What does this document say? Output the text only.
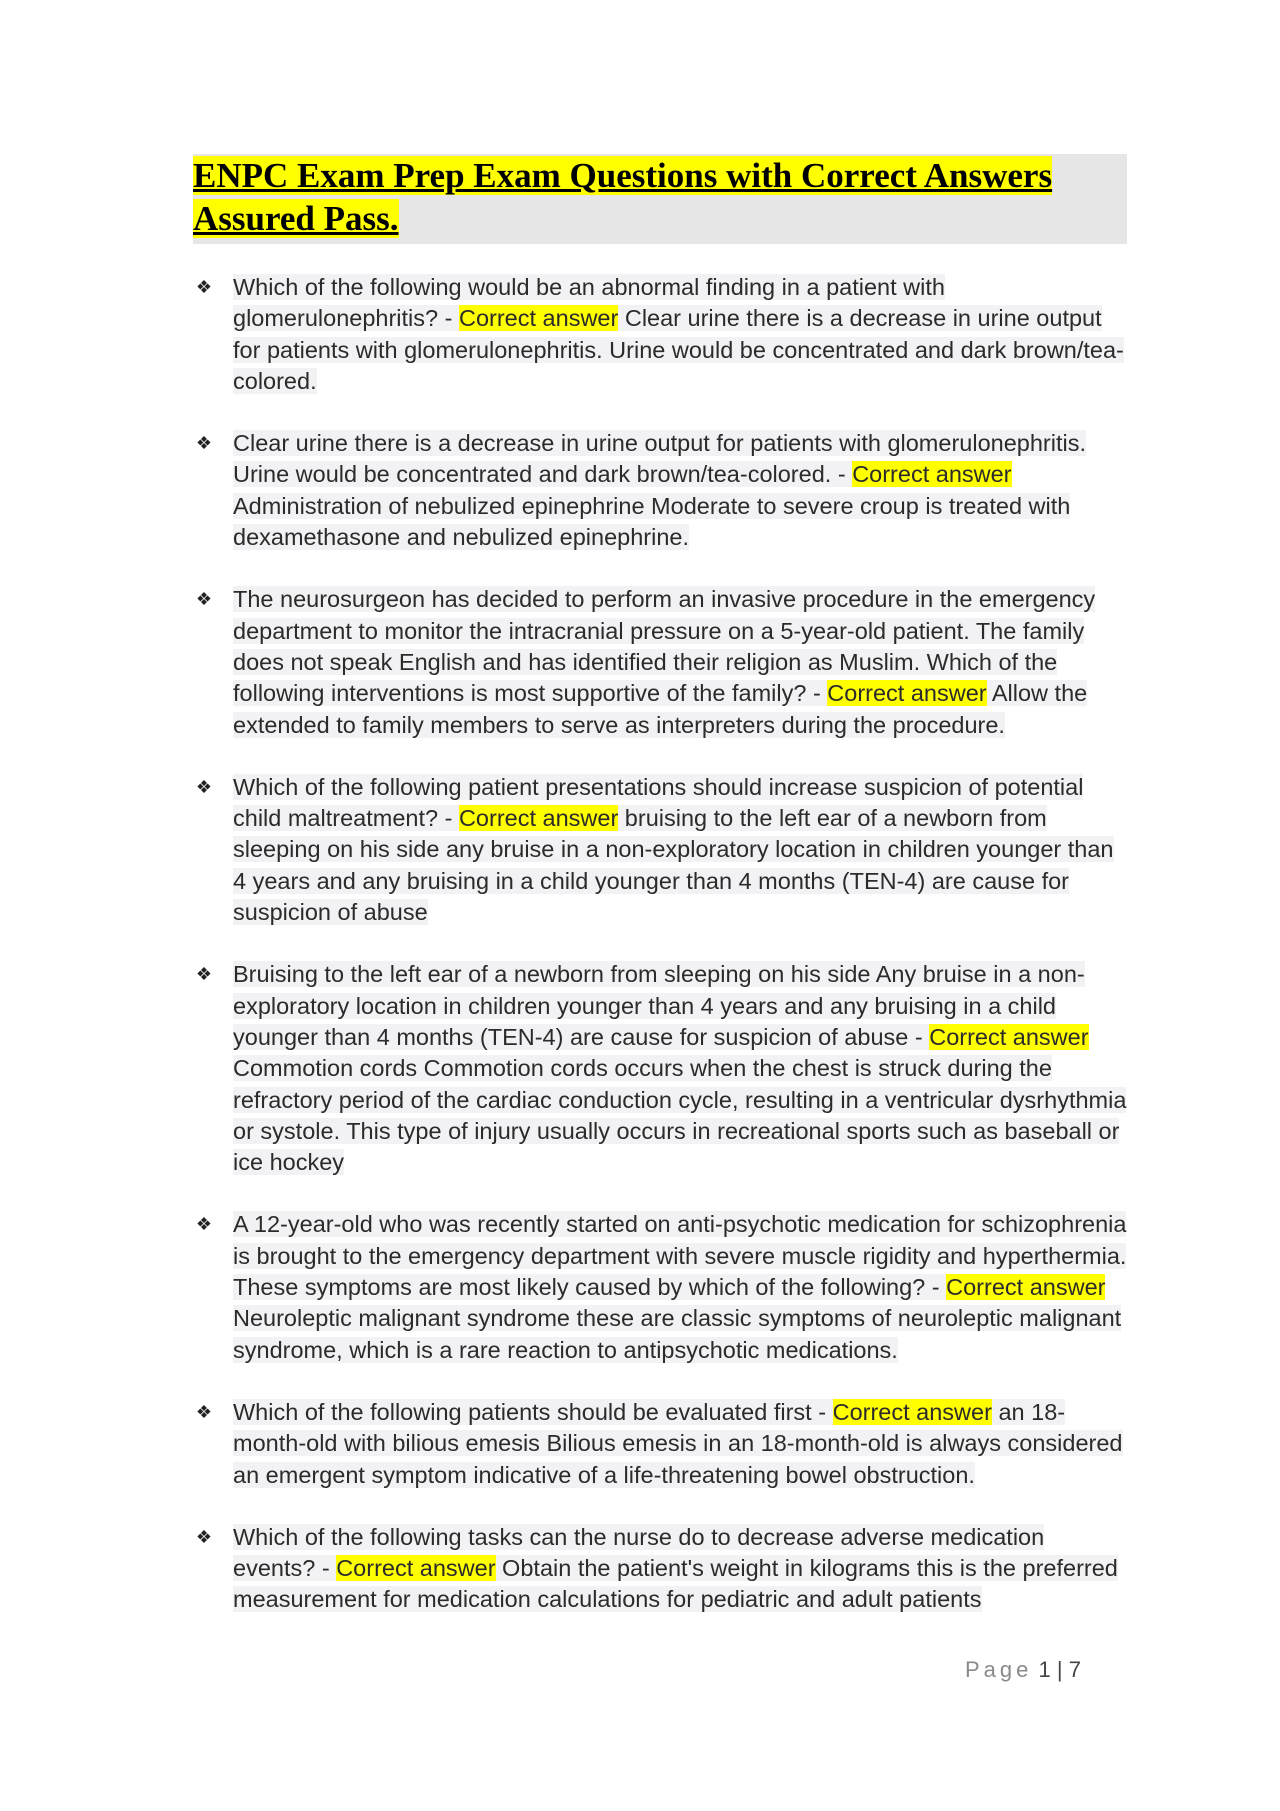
ENPC Exam Prep Exam Questions with Correct Answers Assured Pass.
❖ Which of the following would be an abnormal finding in a patient with glomerulonephritis? - Correct answer Clear urine there is a decrease in urine output for patients with glomerulonephritis. Urine would be concentrated and dark brown/tea-colored.
❖ Clear urine there is a decrease in urine output for patients with glomerulonephritis. Urine would be concentrated and dark brown/tea-colored. - Correct answer Administration of nebulized epinephrine Moderate to severe croup is treated with dexamethasone and nebulized epinephrine.
❖ The neurosurgeon has decided to perform an invasive procedure in the emergency department to monitor the intracranial pressure on a 5-year-old patient. The family does not speak English and has identified their religion as Muslim. Which of the following interventions is most supportive of the family? - Correct answer Allow the extended to family members to serve as interpreters during the procedure.
❖ Which of the following patient presentations should increase suspicion of potential child maltreatment? - Correct answer bruising to the left ear of a newborn from sleeping on his side any bruise in a non-exploratory location in children younger than 4 years and any bruising in a child younger than 4 months (TEN-4) are cause for suspicion of abuse
❖ Bruising to the left ear of a newborn from sleeping on his side Any bruise in a non-exploratory location in children younger than 4 years and any bruising in a child younger than 4 months (TEN-4) are cause for suspicion of abuse - Correct answer Commotion cords Commotion cords occurs when the chest is struck during the refractory period of the cardiac conduction cycle, resulting in a ventricular dysrhythmia or systole. This type of injury usually occurs in recreational sports such as baseball or ice hockey
❖ A 12-year-old who was recently started on anti-psychotic medication for schizophrenia is brought to the emergency department with severe muscle rigidity and hyperthermia. These symptoms are most likely caused by which of the following? - Correct answer Neuroleptic malignant syndrome these are classic symptoms of neuroleptic malignant syndrome, which is a rare reaction to antipsychotic medications.
❖ Which of the following patients should be evaluated first - Correct answer an 18-month-old with bilious emesis Bilious emesis in an 18-month-old is always considered an emergent symptom indicative of a life-threatening bowel obstruction.
❖ Which of the following tasks can the nurse do to decrease adverse medication events? - Correct answer Obtain the patient's weight in kilograms this is the preferred measurement for medication calculations for pediatric and adult patients
Page 1 | 7
